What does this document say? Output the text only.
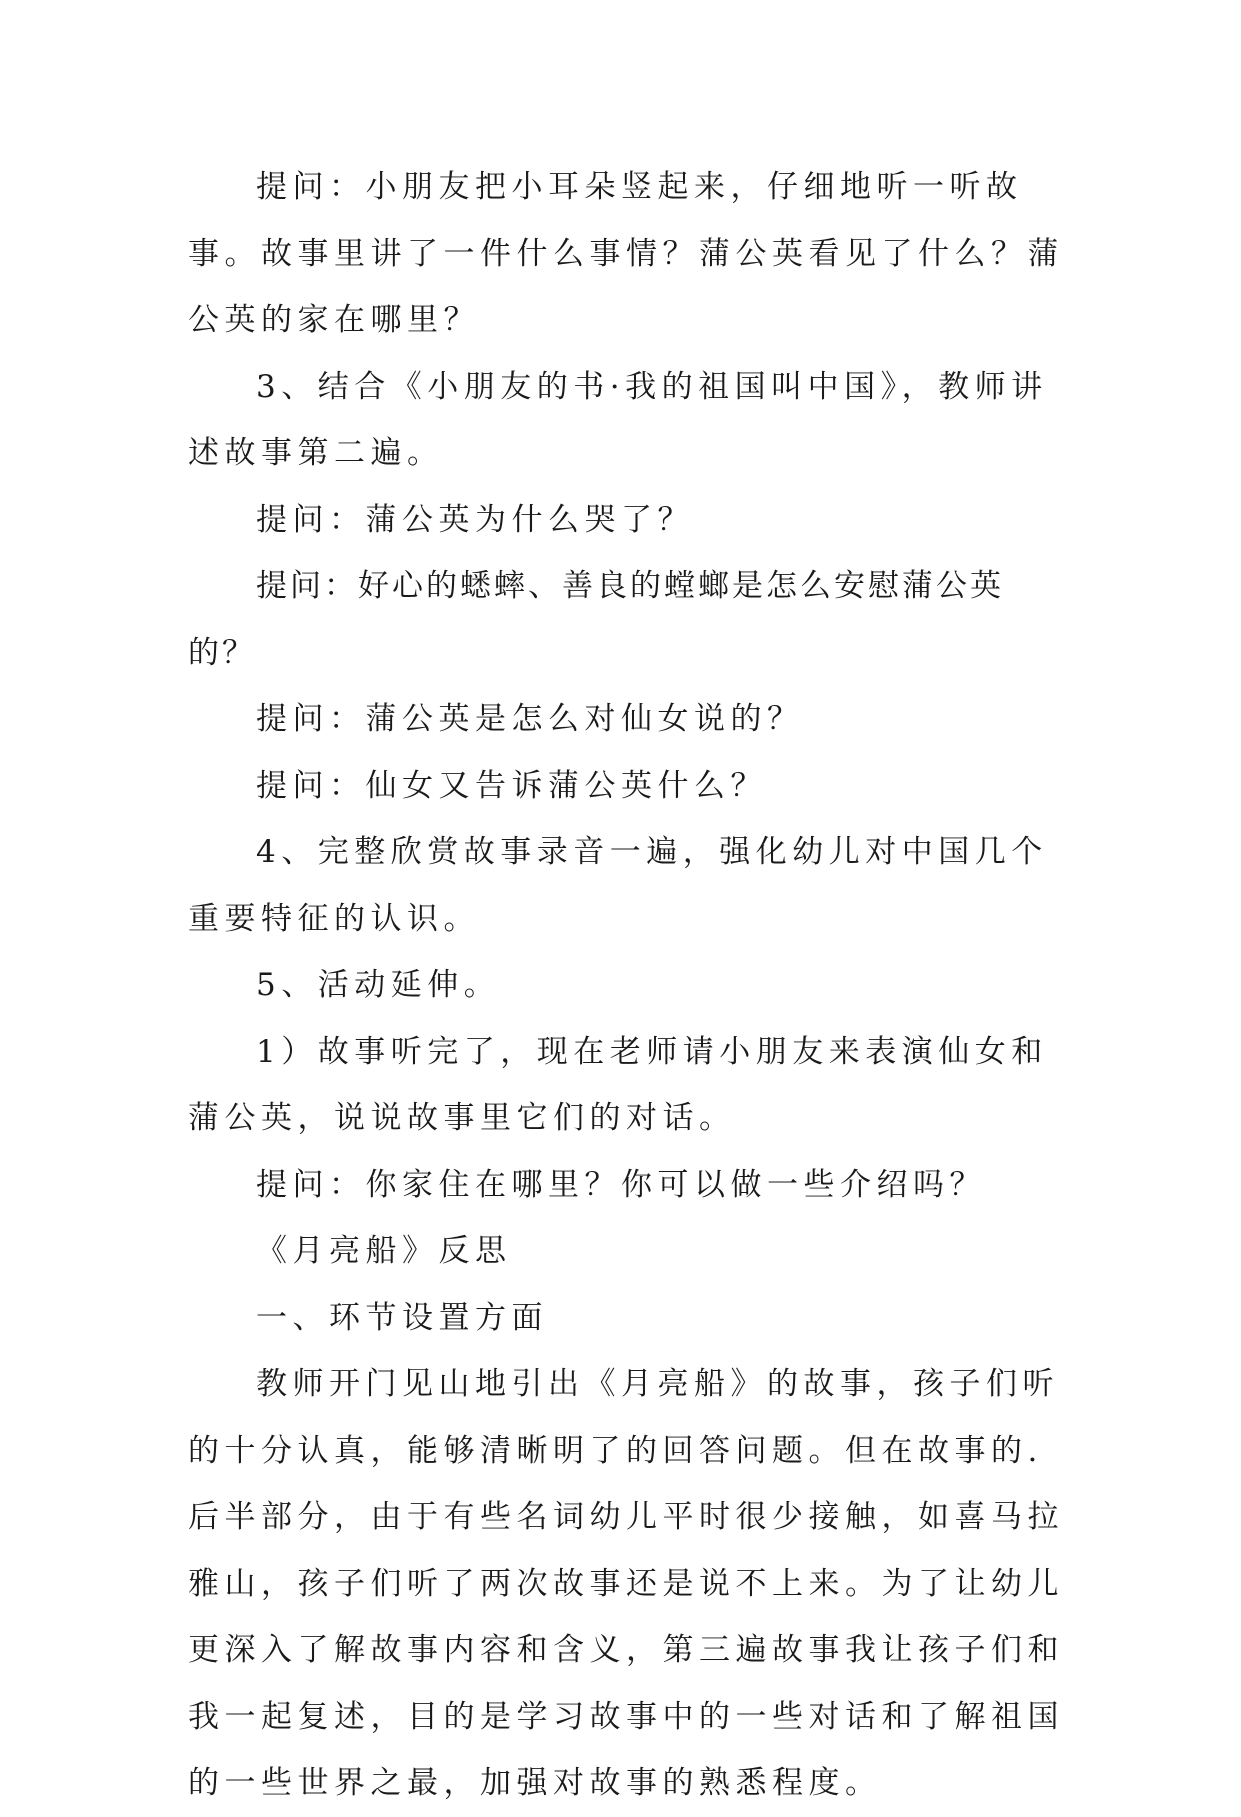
提问：小朋友把小耳朵竖起来，仔细地听一听故事。故事里讲了一件什么事情？蒲公英看见了什么？蒲公英的家在哪里？

3、结合《小朋友的书·我的祖国叫中国》，教师讲述故事第二遍。

提问：蒲公英为什么哭了？

提问：好心的蟋蟀、善良的螳螂是怎么安慰蒲公英的？

提问：蒲公英是怎么对仙女说的？

提问：仙女又告诉蒲公英什么？

4、完整欣赏故事录音一遍，强化幼儿对中国几个重要特征的认识。

5、活动延伸。

1）故事听完了，现在老师请小朋友来表演仙女和蒲公英，说说故事里它们的对话。

提问：你家住在哪里？你可以做一些介绍吗？

《月亮船》反思

一、环节设置方面

教师开门见山地引出《月亮船》的故事，孩子们听的十分认真，能够清晰明了的回答问题。但在故事的.后半部分，由于有些名词幼儿平时很少接触，如喜马拉雅山，孩子们听了两次故事还是说不上来。为了让幼儿更深入了解故事内容和含义，第三遍故事我让孩子们和我一起复述，目的是学习故事中的一些对话和了解祖国的一些世界之最，加强对故事的熟悉程度。
